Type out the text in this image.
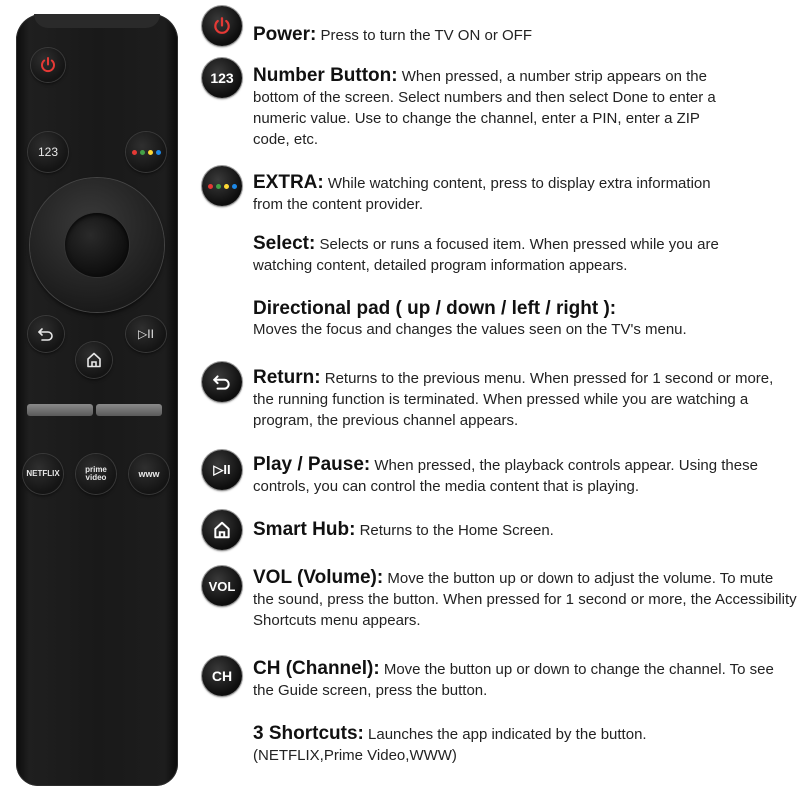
123
▷II
NETFLIX	prime
video	www
123
▷II
VOL
CH
Power: Press to turn the TV ON or OFF
Number Button: When pressed, a number strip appears on the bottom of the screen. Select numbers and then select Done to enter a numeric value. Use to change the channel, enter a PIN, enter a ZIP code, etc.
EXTRA: While watching content, press to display extra information from the content provider.
Select: Selects or runs a focused item. When pressed while you are watching content, detailed program information appears.
Directional pad ( up / down / left / right ):
Moves the focus and changes the values seen on the TV's menu.
Return: Returns to the previous menu. When pressed for 1 second or more, the running function is terminated. When pressed while you are watching a program, the previous channel appears.
Play / Pause: When pressed, the playback controls appear. Using these controls, you can control the media content that is playing.
Smart Hub: Returns to the Home Screen.
VOL (Volume): Move the button up or down to adjust the volume. To mute the sound, press the button. When pressed for 1 second or more, the Accessibility Shortcuts menu appears.
CH (Channel): Move the button up or down to change the channel. To see the Guide screen, press the button.
3 Shortcuts: Launches the app indicated by the button. (NETFLIX,Prime Video,WWW)
